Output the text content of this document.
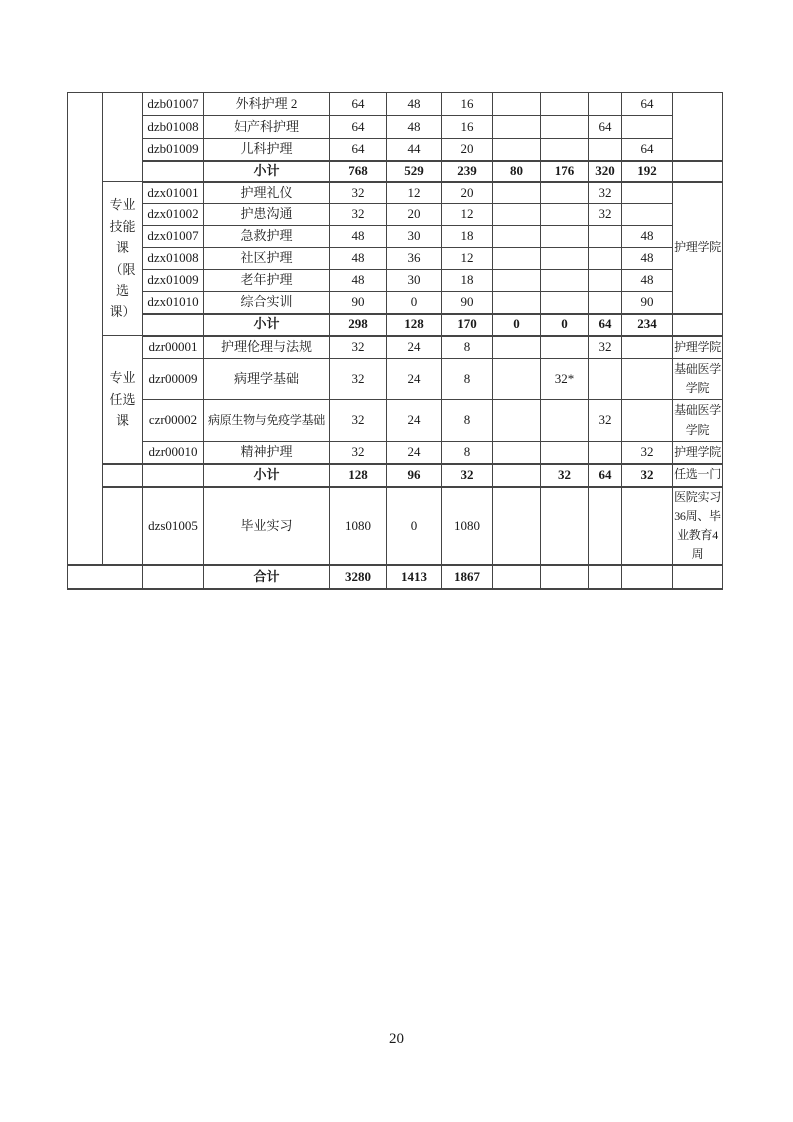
		dzb01007	外科护理 2	64	48	16				64	
		dzb01008	妇产科护理	64	48	16			64		
		dzb01009	儿科护理	64	44	20				64	
			小计	768	529	239	80	176	320	192	
	专业技能课（限选课）	dzx01001	护理礼仪	32	12	20			32		护理学院
		dzx01002	护患沟通	32	20	12			32		
		dzx01007	急救护理	48	30	18				48	
		dzx01008	社区护理	48	36	12				48	
		dzx01009	老年护理	48	30	18				48	
		dzx01010	综合实训	90	0	90				90	
			小计	298	128	170	0	0	64	234	
	专业任选课	dzr00001	护理伦理与法规	32	24	8			32		护理学院
		dzr00009	病理学基础	32	24	8		32*			基础医学学院
		czr00002	病原生物与免疫学基础	32	24	8			32		基础医学学院
		dzr00010	精神护理	32	24	8				32	护理学院
			小计	128	96	32		32	64	32	任选一门
		dzs01005	毕业实习	1080	0	1080					医院实习36周、毕业教育4周
			合计	3280	1413	1867					
20
